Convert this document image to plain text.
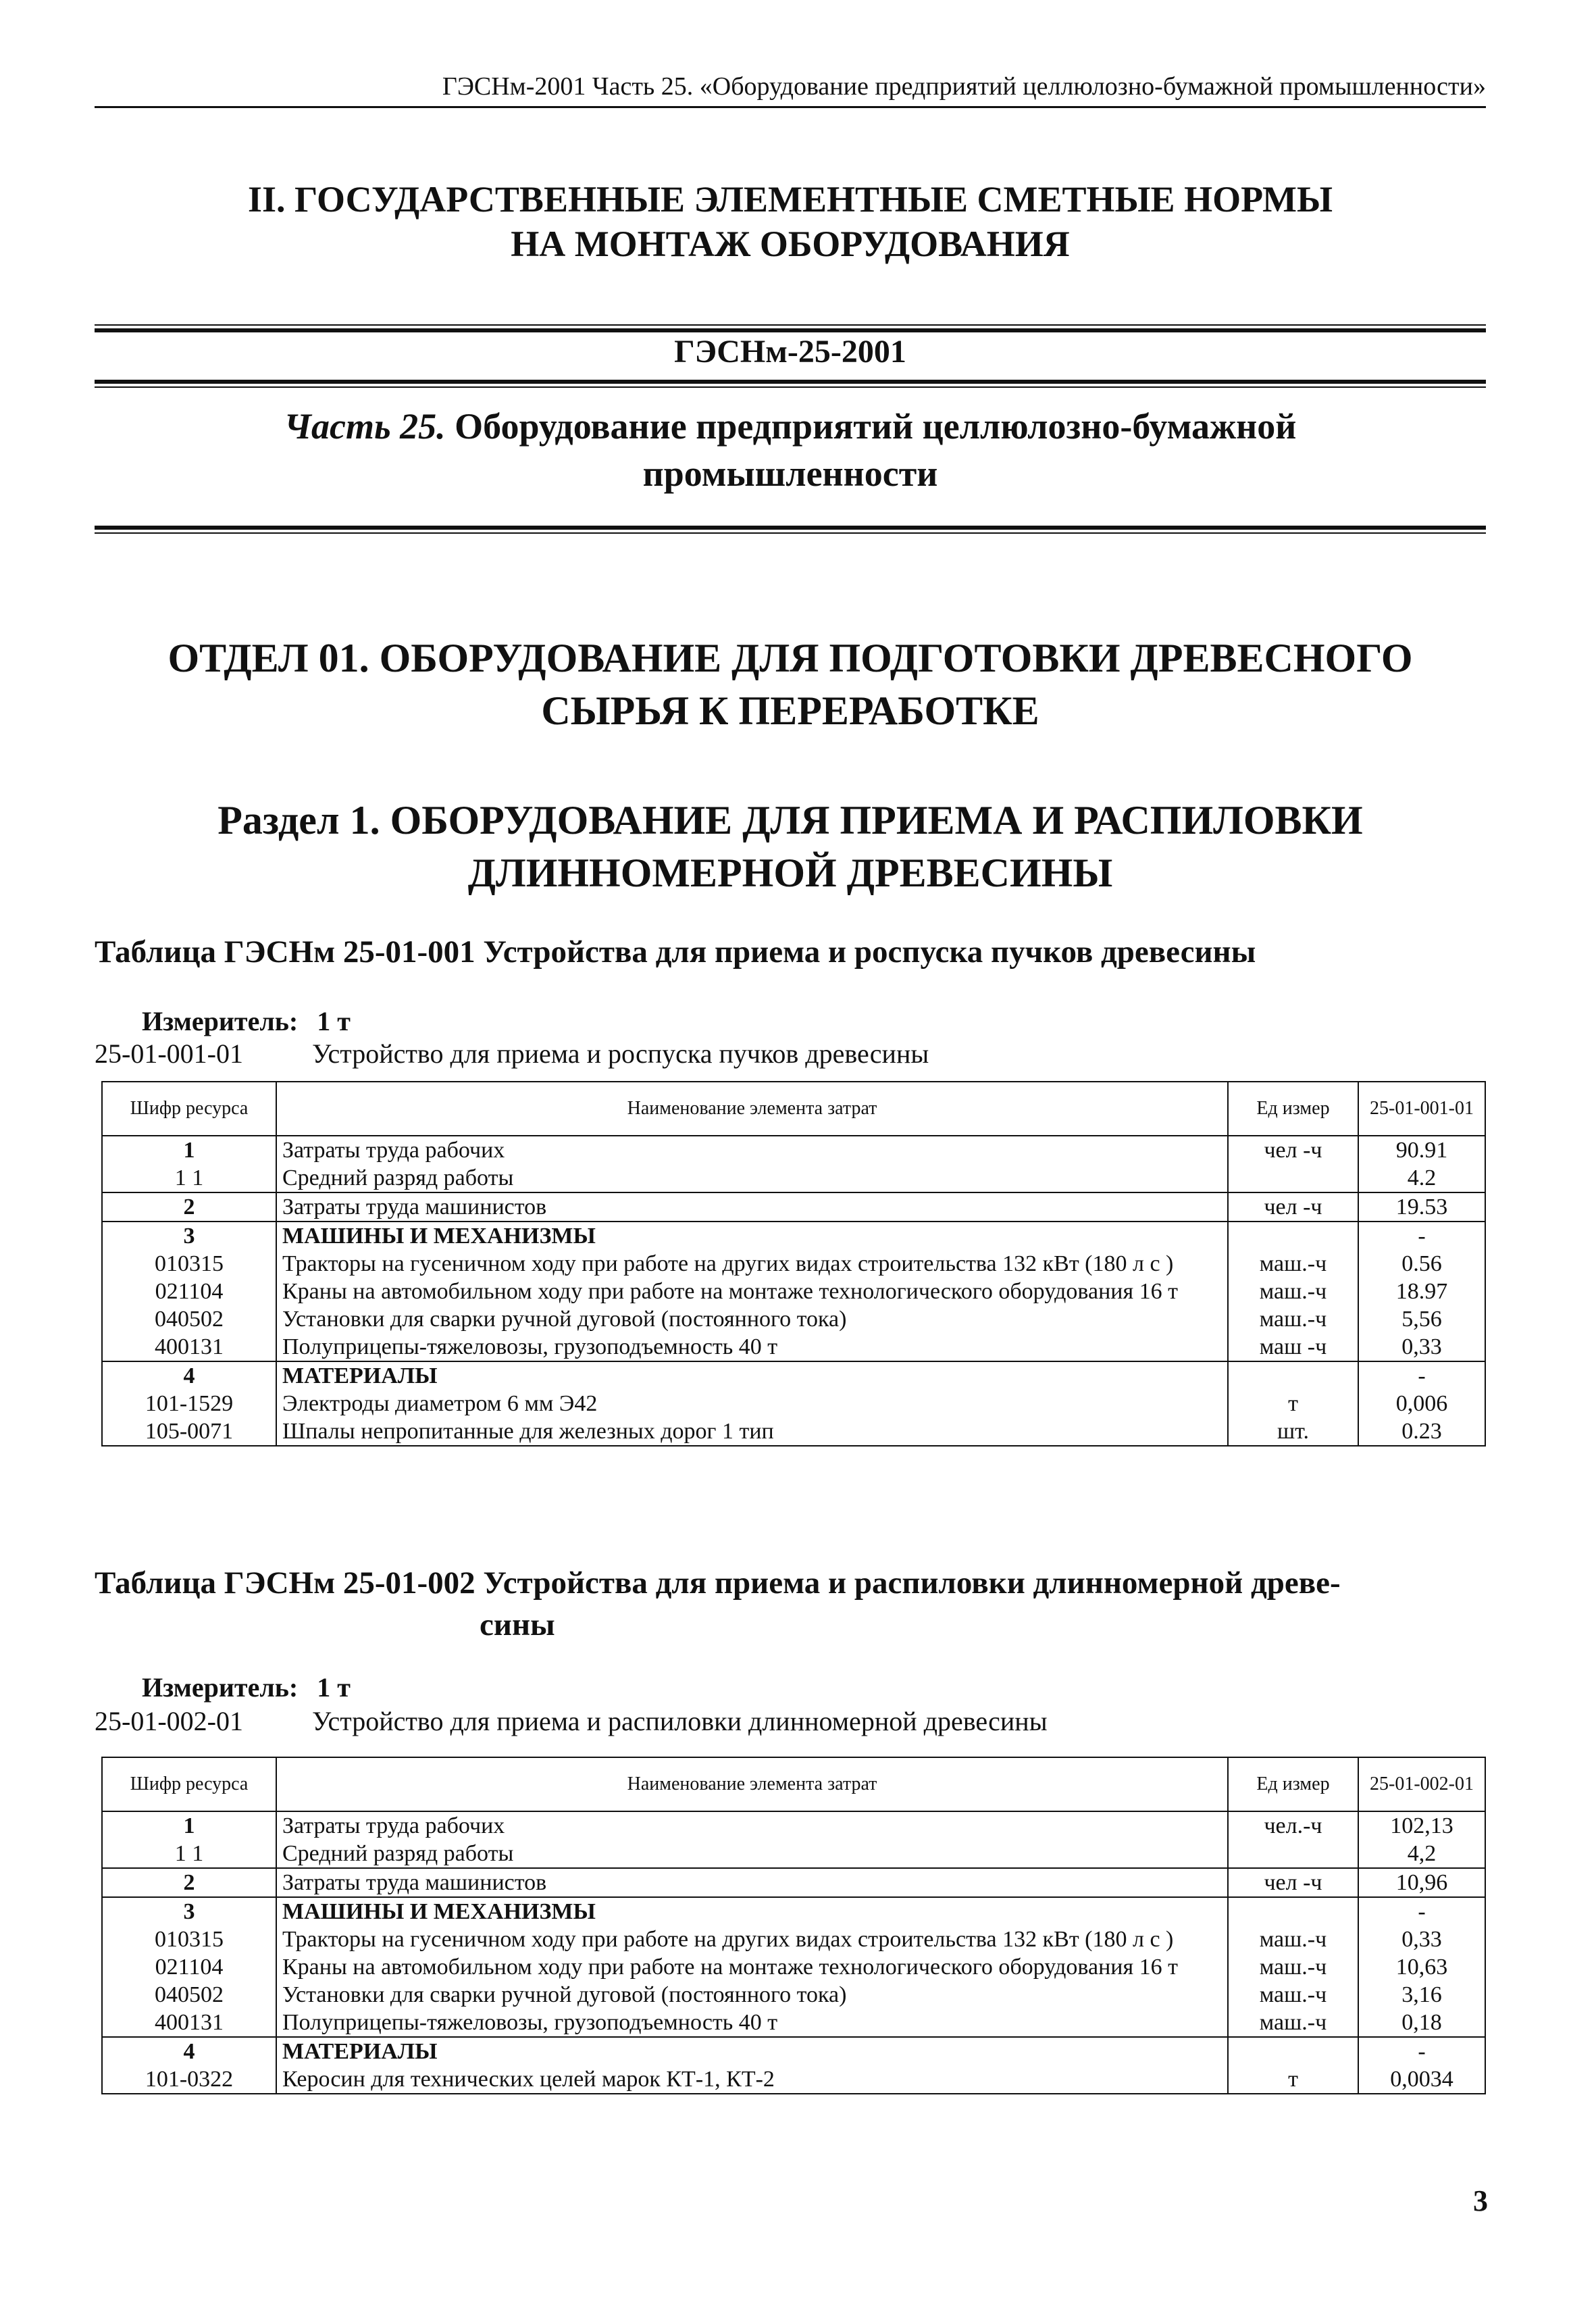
ГЭСНм-2001 Часть 25. «Оборудование предприятий целлюлозно-бумажной промышленности»
II. ГОСУДАРСТВЕННЫЕ ЭЛЕМЕНТНЫЕ СМЕТНЫЕ НОРМЫ
НА МОНТАЖ ОБОРУДОВАНИЯ
ГЭСНм-25-2001
Часть 25. Оборудование предприятий целлюлозно-бумажной
промышленности
ОТДЕЛ 01. ОБОРУДОВАНИЕ ДЛЯ ПОДГОТОВКИ ДРЕВЕСНОГО
СЫРЬЯ К ПЕРЕРАБОТКЕ
Раздел 1. ОБОРУДОВАНИЕ ДЛЯ ПРИЕМА И РАСПИЛОВКИ
ДЛИННОМЕРНОЙ ДРЕВЕСИНЫ
Таблица ГЭСНм 25-01-001 Устройства для приема и роспуска пучков древесины
Измеритель: 1 т
25-01-001-01	Устройство для приема и роспуска пучков древесины
Шифр ресурса	Наименование элемента затрат	Ед измер	25-01-001-01
1	Затраты труда рабочих	чел -ч	90.91
1 1	Средний разряд работы		4.2
2	Затраты труда машинистов	чел -ч	19.53
3	МАШИНЫ И МЕХАНИЗМЫ		-
010315	Тракторы на гусеничном ходу при работе на других видах строительства 132 кВт (180 л с )	маш.-ч	0.56
021104	Краны на автомобильном ходу при работе на монтаже технологического оборудования 16 т	маш.-ч	18.97
040502	Установки для сварки ручной дуговой (постоянного тока)	маш.-ч	5,56
400131	Полуприцепы-тяжеловозы, грузоподъемность 40 т	маш -ч	0,33
4	МАТЕРИАЛЫ		-
101-1529	Электроды диаметром 6 мм Э42	т	0,006
105-0071	Шпалы непропитанные для железных дорог 1 тип	шт.	0.23
Таблица ГЭСНм 25-01-002 Устройства для приема и распиловки длинномерной древе-
сины
Измеритель: 1 т
25-01-002-01	Устройство для приема и распиловки длинномерной древесины
Шифр ресурса	Наименование элемента затрат	Ед измер	25-01-002-01
1	Затраты труда рабочих	чел.-ч	102,13
1 1	Средний разряд работы		4,2
2	Затраты труда машинистов	чел -ч	10,96
3	МАШИНЫ И МЕХАНИЗМЫ		-
010315	Тракторы на гусеничном ходу при работе на других видах строительства 132 кВт (180 л с )	маш.-ч	0,33
021104	Краны на автомобильном ходу при работе на монтаже технологического оборудования 16 т	маш.-ч	10,63
040502	Установки для сварки ручной дуговой (постоянного тока)	маш.-ч	3,16
400131	Полуприцепы-тяжеловозы, грузоподъемность 40 т	маш.-ч	0,18
4	МАТЕРИАЛЫ		-
101-0322	Керосин для технических целей марок КТ-1, КТ-2	т	0,0034
3
